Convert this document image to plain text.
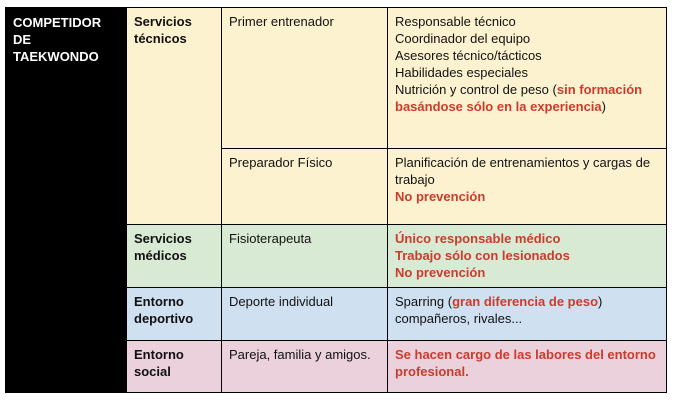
COMPETIDOR DE TAEKWONDO	Servicios técnicos	Primer entrenador	Responsable técnico
Coordinador del equipo
Asesores técnico/tácticos
Habilidades especiales
Nutrición y control de peso (sin formación basándose sólo en la experiencia)
		Preparador Físico	Planificación de entrenamientos y cargas de trabajo
No prevención

	Servicios médicos	Fisioterapeuta	Único responsable médico
Trabajo sólo con lesionados
No prevención

	Entorno deportivo	Deporte individual	Sparring (gran diferencia de peso) compañeros, rivales...
	Entorno social	Pareja, familia y amigos.	Se hacen cargo de las labores del entorno profesional.
